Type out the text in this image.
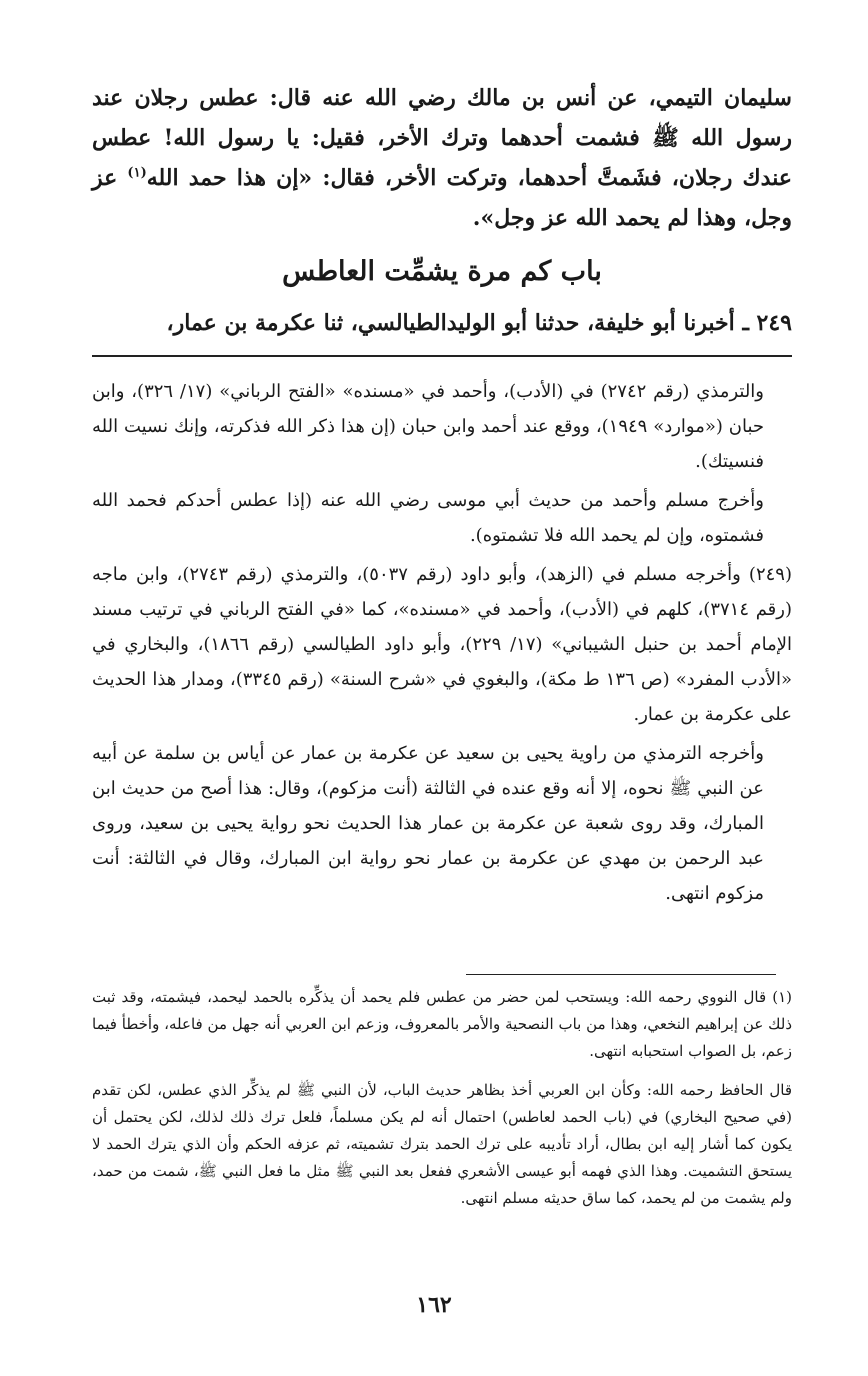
سليمان التيمي، عن أنس بن مالك رضي الله عنه قال: عطس رجلان عند رسول الله ﷺ فشمت أحدهما وترك الأخر، فقيل: يا رسول الله! عطس عندك رجلان، فشَمتَّ أحدهما، وتركت الأخر، فقال: «إن هذا حمد الله$^{(١)}$ عز وجل، وهذا لم يحمد الله عز وجل».

باب كم مرة يشمِّت العاطس
٢٤٩ ـ أخبرنا أبو خليفة، حدثنا أبو الوليدالطيالسي، ثنا عكرمة بن عمار،

والترمذي (رقم ٢٧٤٢) في (الأدب)، وأحمد في «مسنده» «الفتح الرباني» (١٧/ ٣٢٦)، وابن حبان («موارد» ١٩٤٩)، ووقع عند أحمد وابن حبان (إن هذا ذكر الله فذكرته، وإنك نسيت الله فنسيتك).

وأخرج مسلم وأحمد من حديث أبي موسى رضي الله عنه (إذا عطس أحدكم فحمد الله فشمتوه، وإن لم يحمد الله فلا تشمتوه).

(٢٤٩) وأخرجه مسلم في (الزهد)، وأبو داود (رقم ٥٠٣٧)، والترمذي (رقم ٢٧٤٣)، وابن ماجه (رقم ٣٧١٤)، كلهم في (الأدب)، وأحمد في «مسنده»، كما «في الفتح الرباني في ترتيب مسند الإمام أحمد بن حنبل الشيباني» (١٧/ ٢٢٩)، وأبو داود الطيالسي (رقم ١٨٦٦)، والبخاري في «الأدب المفرد» (ص ١٣٦ ط مكة)، والبغوي في «شرح السنة» (رقم ٣٣٤٥)، ومدار هذا الحديث على عكرمة بن عمار.

وأخرجه الترمذي من راوية يحيى بن سعيد عن عكرمة بن عمار عن أياس بن سلمة عن أبيه عن النبي ﷺ نحوه، إلا أنه وقع عنده في الثالثة (أنت مزكوم)، وقال: هذا أصح من حديث ابن المبارك، وقد روى شعبة عن عكرمة بن عمار هذا الحديث نحو رواية يحيى بن سعيد، وروى عبد الرحمن بن مهدي عن عكرمة بن عمار نحو رواية ابن المبارك، وقال في الثالثة: أنت مزكوم انتهى.

(١) قال النووي رحمه الله: ويستحب لمن حضر من عطس فلم يحمد أن يذكِّره بالحمد ليحمد، فيشمته، وقد ثبت ذلك عن إبراهيم النخعي، وهذا من باب النصحية والأمر بالمعروف، وزعم ابن العربي أنه جهل من فاعله، وأخطأ فيما زعم، بل الصواب استحبابه انتهى.

قال الحافظ رحمه الله: وكأن ابن العربي أخذ بظاهر حديث الباب، لأن النبي ﷺ لم يذكِّر الذي عطس، لكن تقدم (في صحيح البخاري) في (باب الحمد لعاطس) احتمال أنه لم يكن مسلماً، فلعل ترك ذلك لذلك، لكن يحتمل أن يكون كما أشار إليه ابن بطال، أراد تأديبه على ترك الحمد بترك تشميته، ثم عزفه الحكم وأن الذي يترك الحمد لا يستحق التشميت. وهذا الذي فهمه أبو عيسى الأشعري ففعل بعد النبي ﷺ مثل ما فعل النبي ﷺ، شمت من حمد، ولم يشمت من لم يحمد، كما ساق حديثه مسلم انتهى.

١٦٢
